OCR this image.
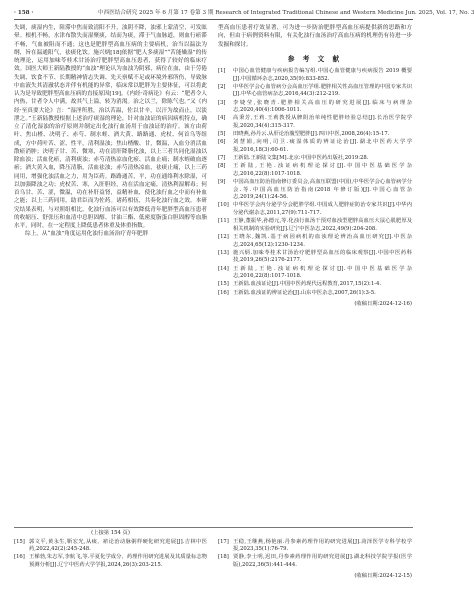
· 158 ·	中西医结合研究 2025 年 6 月第 17 卷第 3 期 Research of Integrated Traditional Chinese and Western Medicine Jun. 2025, Vol. 17, No. 3

失调，痰湿内生，阻滞中焦而致清阳不升，浊阴不降，浊邪上蒙清空，可发眩晕。根机不畅，水津布散失而湿聚痰，结而为痰，滞于气血脉道，则血行瘀滞不畅，气血被阻而不通；这也是肥胖型高血压病的主要病机，治当以温法为纲，旨在温通阳气，祛痰化饮。施兴炳[18]依据“肥人多痰湿”“苦能燥湿”的传统理论，运用加味苓桂术甘汤治疗肥胖型高血压患者，获得了较好的临床疗效。国医大师王新陆教授的“血浊”理论认为血浊为阴邪，病位在血，由于劳倦失调、饮食不节、长期精神情志失调、先天禀赋不足或环境外邪所伤，导致脉中血液失其清澈状态并伴有机能的异常，临床常以肥胖为主要体征，可以将此认为是导致肥胖型高血压病的直接原因[19]。《内经·奇病论》有云：“肥者令人内热，甘者令人中满，故其气上溢，转为消渴。治之以兰，除陈气也。”又《内经·至真要大论》言：“湿淫所胜，治以苦温，佐以甘辛，以汗为故而止，以淡泄之。”王新陆教授根据上述治疗痰湿的理论，针对血浊证的病因病机特点，确立了清化湿浊的治疗原则并制定出化浊行血汤用于血浊证的治疗。该方由荷叶、焦山楂、决明子、赤芍、制水蛭、酒大黄、路路通、虎杖、何首乌等组成，方中荷叶苦、涩、性平，清利湿浊；焦山楂酸、甘，微温，入血分消活血散瘀消肿；决明子甘、苦、微寒，功在清肝降脂化浊，以上三者共同化湿浊以除血浊；活血化瘀，清利痰浊；赤芍清热凉血化瘀、活血止痛；制水蛭破血逐瘀；酒大黄入血，降压清脂，活血祛浊；赤芍清热凉血，祛痰止痛，以上三药同用，增强化浊活血之力，用为臣药。路路通苦，平，功在通络利水除湿，可以加强降浊之功；虎杖苦、寒，入肝胆经，功在活血定痛，清热利湿解毒；何首乌甘、苦、涩，微温，功在补肝益肾，益精补血，使化浊行血之中而有补血之能；以上三药同用，助君臣而为佐药。诸药相伍，共奏化浊行血之效。本研究结果表明，与对照组相比，化浊行血汤可以有效降低青年肥胖型高血压患者的收缩压、舒张压和血清中总胆固醇、甘油三酯、低密度脂蛋白胆固醇等血脂水平，同时，在一定程度上降低患者体重及体重指数。

综上，从“血浊”角度运用化浊行血汤治疗青年肥胖

型高血压患者疗效显著，可为进一步防治肥胖型高血压病提供新的思路和方向，但由于病例资料有限，有关化浊行血汤治疗高血压病的机理仍有待进一步发掘和探讨。

参 考 文 献
[1]	中国心血管健康与疾病报告编写组.中国心血管健康与疾病报告 2019 概要[J].中国循环杂志,2020,35(9):833-852.
[2]	中华医学会心血管病分会高血压学组.肥胖相关性高血压管理的中国专家共识[J].中华心血管病杂志,2016,44(3):212-219.
[3]	李婕莹,张晓青.肥胖相关高血压的研究进展[J].临床与病理杂志,2020,40(4):1006-1011.
[4]	高秉芳,王莉.王莉教授从脾阴治单纯性肥胖经验总结[J].长治医学院学报,2020,34(4):315-317.
[5]	田晓燕,孙丹云.从肝论治腹型肥胖[J].四川中医,2008,26(4):15-17.
[6]	刘慧娟,向明,司卫.痰湿体质的辨证论治[J].湖北中医药大学学报,2016,18(3):60-61.
[7]	王新陆.王新陆文集[M].北京:中国中医药出版社,2019:28.
[8]	王新陆,王艳.浊证病机理论探讨[J].中国中医基础医学杂志,2016,22(8):1017-1018.
[9]	中国高血压防治指南修订委员会,高血压联盟(中国),中华医学会心血管病学分会.等.中国高血压防治指南(2018 年修订版)[J].中国心血管杂志,2019,24(1):24-56.
[10] 中华医学会内分泌学分会肥胖学组.中国成人肥胖症防治专家共识[J].中华内分泌代谢杂志,2011,27(9):711-717.
[11] 王静,董振华,孙德元,等.化浊行血汤干预对血浊型肥胖高血压大鼠心肌肥厚及相关机制的实验研究[J].辽宁中医杂志,2022,49(9):204-208.
[12] 王晓东,魏凯.基于病因病机的血浊理论辨治高血压研究[J].中医杂志,2024,65(12):1230-1234.
[13] 施兴炳.加味苓桂术甘汤治疗肥胖型高血压的临床观察[J].中国中医药科技,2019,26(5):2176-2177.
[14] 王新陆,王艳.浊证病机理论探讨[J].中国中医基础医学杂志,2016,22(8):1017-1018.
[15] 王新陆.血浊证论[J].中国中医药现代远程教育,2017,15(2):1-4.
[16] 王新陆.血浊证的辨证论治[J].山东中医杂志,2007,26(1):3-5.
(收稿日期:2024-12-16)
(上接第 154 页)
[15] 郭文平,黄永生,靳宏光,从痰、瘀论治动脉粥样硬化研究进展[J].吉林中医药,2022,42(2):245-248.
[16] 王梯勃,朱志军,李航飞,等.平夏化学成分、药理作用研究进展及其质量标志物预测分析[J].辽宁中医药大学学报,2024,26(3):203-215.
[17] 王稳,王继燕,杨艳丽.丹参素药理作用的研究进展[J].菏泽医学专科学校学报,2023,35(1):76-79.
[18] 贾静,李士明,迟田,丹参素药理作用的研究进展[J].湖北科技学院学报(医学版),2022,36(5):441-444.
(收稿日期:2024-12-15)
